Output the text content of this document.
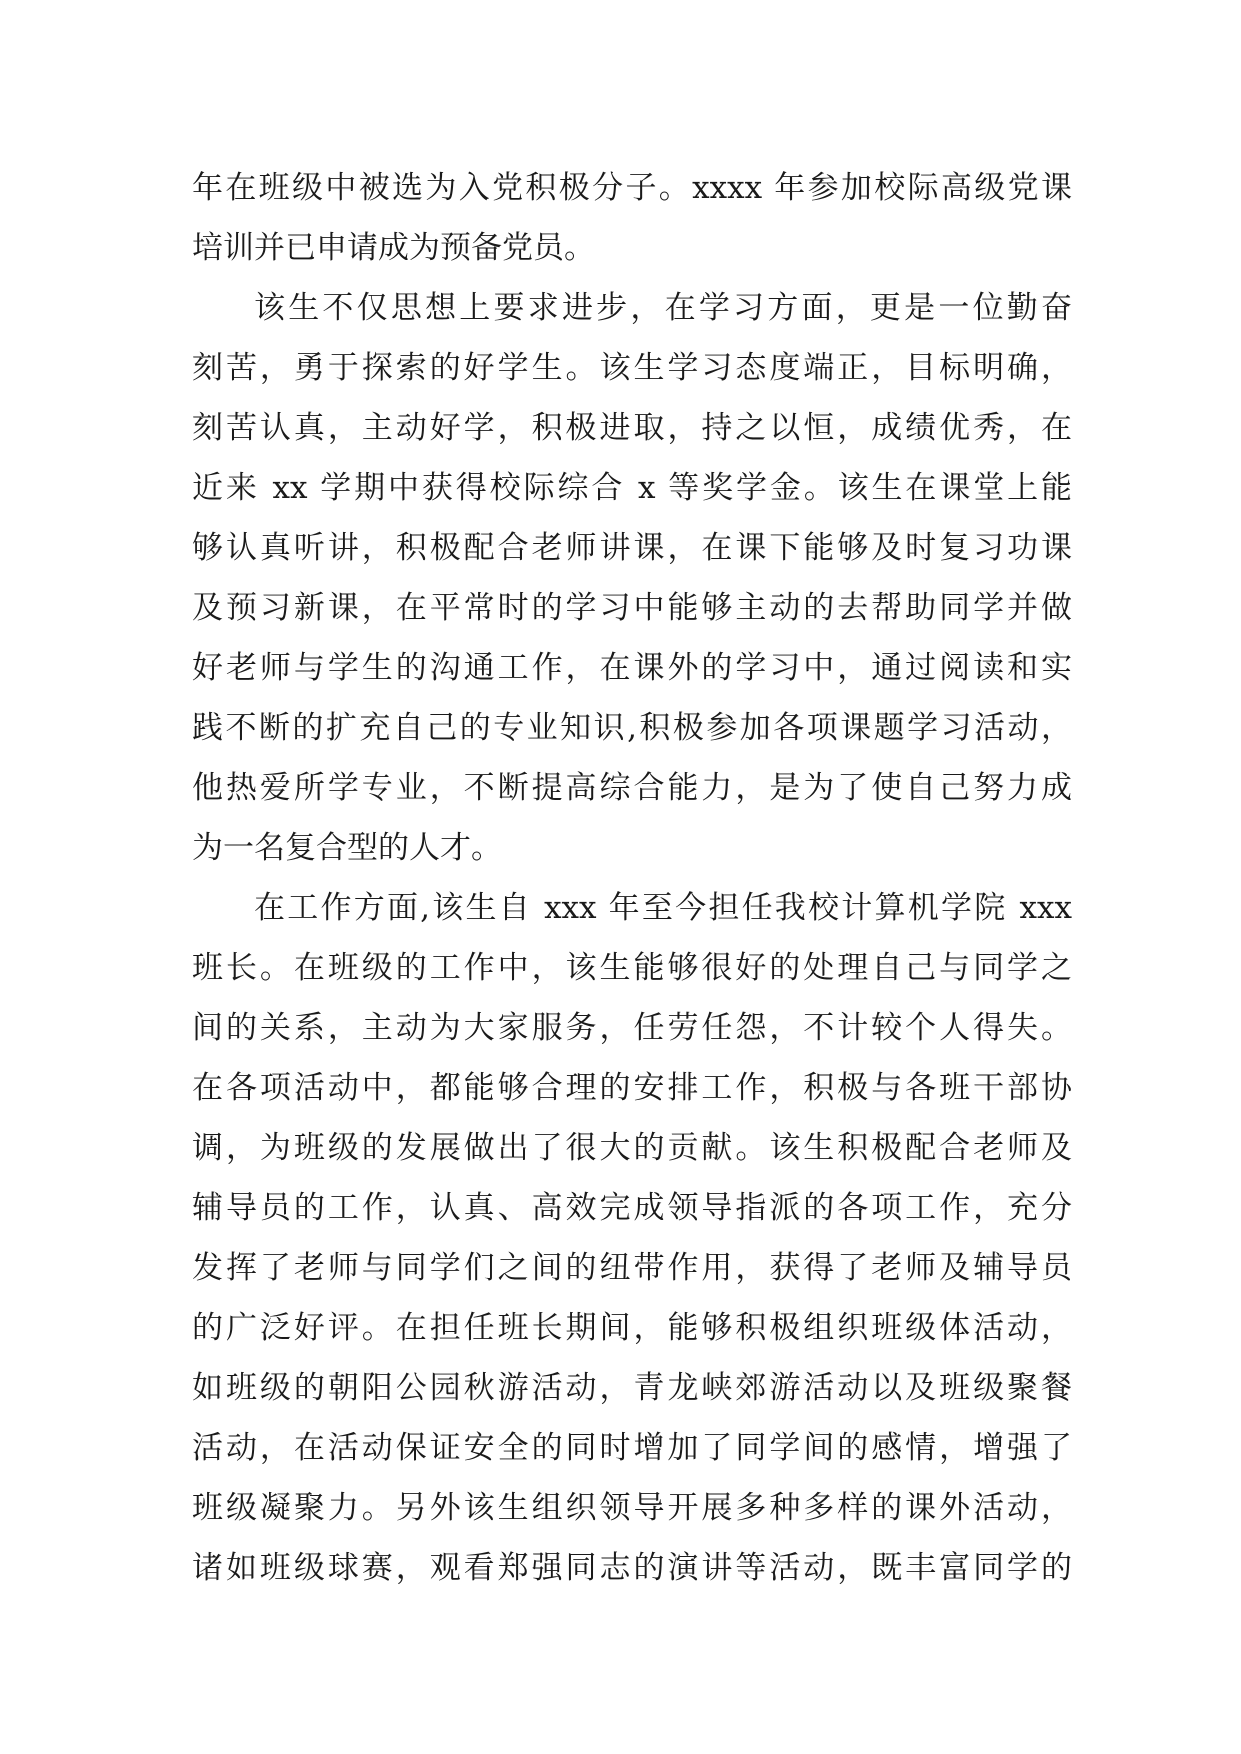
年在班级中被选为入党积极分子。xxxx 年参加校际高级党课
培训并已申请成为预备党员。
该生不仅思想上要求进步，在学习方面，更是一位勤奋
刻苦，勇于探索的好学生。该生学习态度端正，目标明确，
刻苦认真，主动好学，积极进取，持之以恒，成绩优秀，在
近来 xx 学期中获得校际综合 x 等奖学金。该生在课堂上能
够认真听讲，积极配合老师讲课，在课下能够及时复习功课
及预习新课，在平常时的学习中能够主动的去帮助同学并做
好老师与学生的沟通工作，在课外的学习中，通过阅读和实
践不断的扩充自己的专业知识,积极参加各项课题学习活动，
他热爱所学专业，不断提高综合能力，是为了使自己努力成
为一名复合型的人才。
在工作方面,该生自 xxx 年至今担任我校计算机学院 xxx
班长。在班级的工作中，该生能够很好的处理自己与同学之
间的关系，主动为大家服务，任劳任怨，不计较个人得失。
在各项活动中，都能够合理的安排工作，积极与各班干部协
调，为班级的发展做出了很大的贡献。该生积极配合老师及
辅导员的工作，认真、高效完成领导指派的各项工作，充分
发挥了老师与同学们之间的纽带作用，获得了老师及辅导员
的广泛好评。在担任班长期间，能够积极组织班级体活动，
如班级的朝阳公园秋游活动，青龙峡郊游活动以及班级聚餐
活动，在活动保证安全的同时增加了同学间的感情，增强了
班级凝聚力。另外该生组织领导开展多种多样的课外活动，
诸如班级球赛，观看郑强同志的演讲等活动，既丰富同学的
